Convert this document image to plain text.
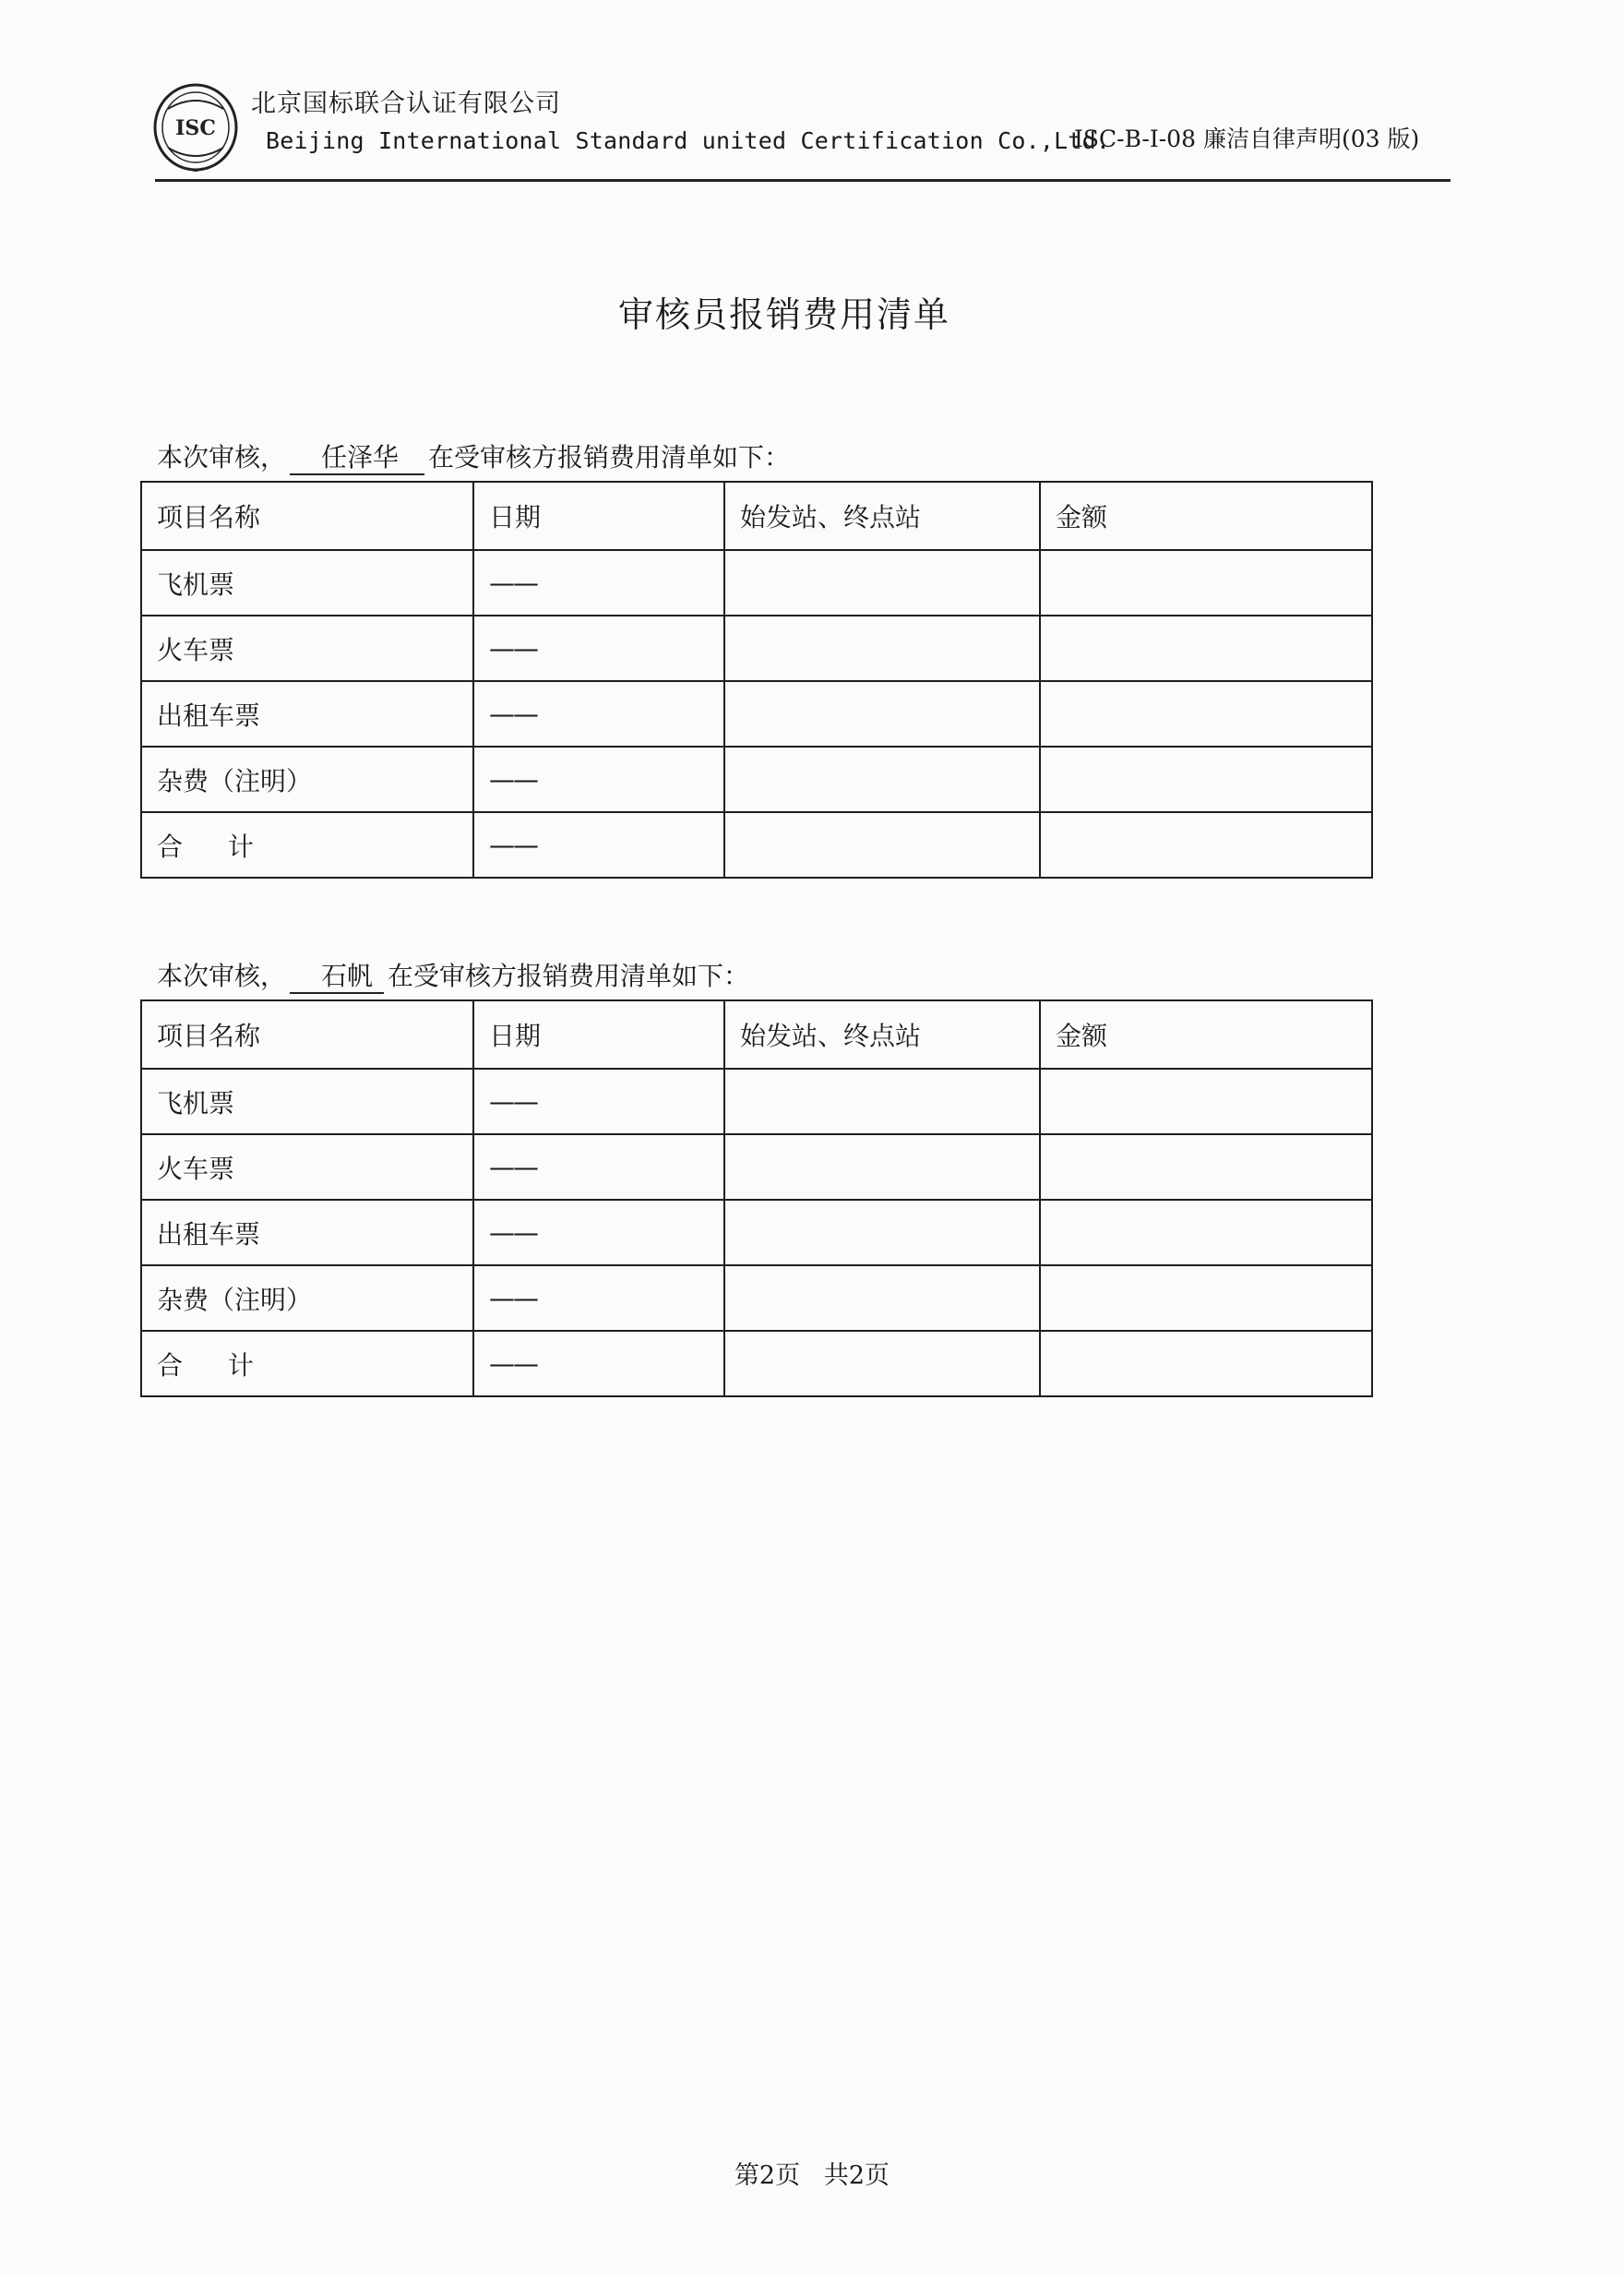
ISC
北京国标联合认证有限公司
Beijing International Standard united Certification Co.,Ltd.
ISC-B-I-08 廉洁自律声明(03 版)
审核员报销费用清单
本次审核， 任泽华 在受审核方报销费用清单如下：
项目名称	日期	始发站、终点站	金额
飞机票	——		
火车票	——		
出租车票	——		
杂费（注明）	——		
合 计	——		
本次审核， 石帆 在受审核方报销费用清单如下：
项目名称	日期	始发站、终点站	金额
飞机票	——		
火车票	——		
出租车票	——		
杂费（注明）	——		
合 计	——		
第2页 共2页
